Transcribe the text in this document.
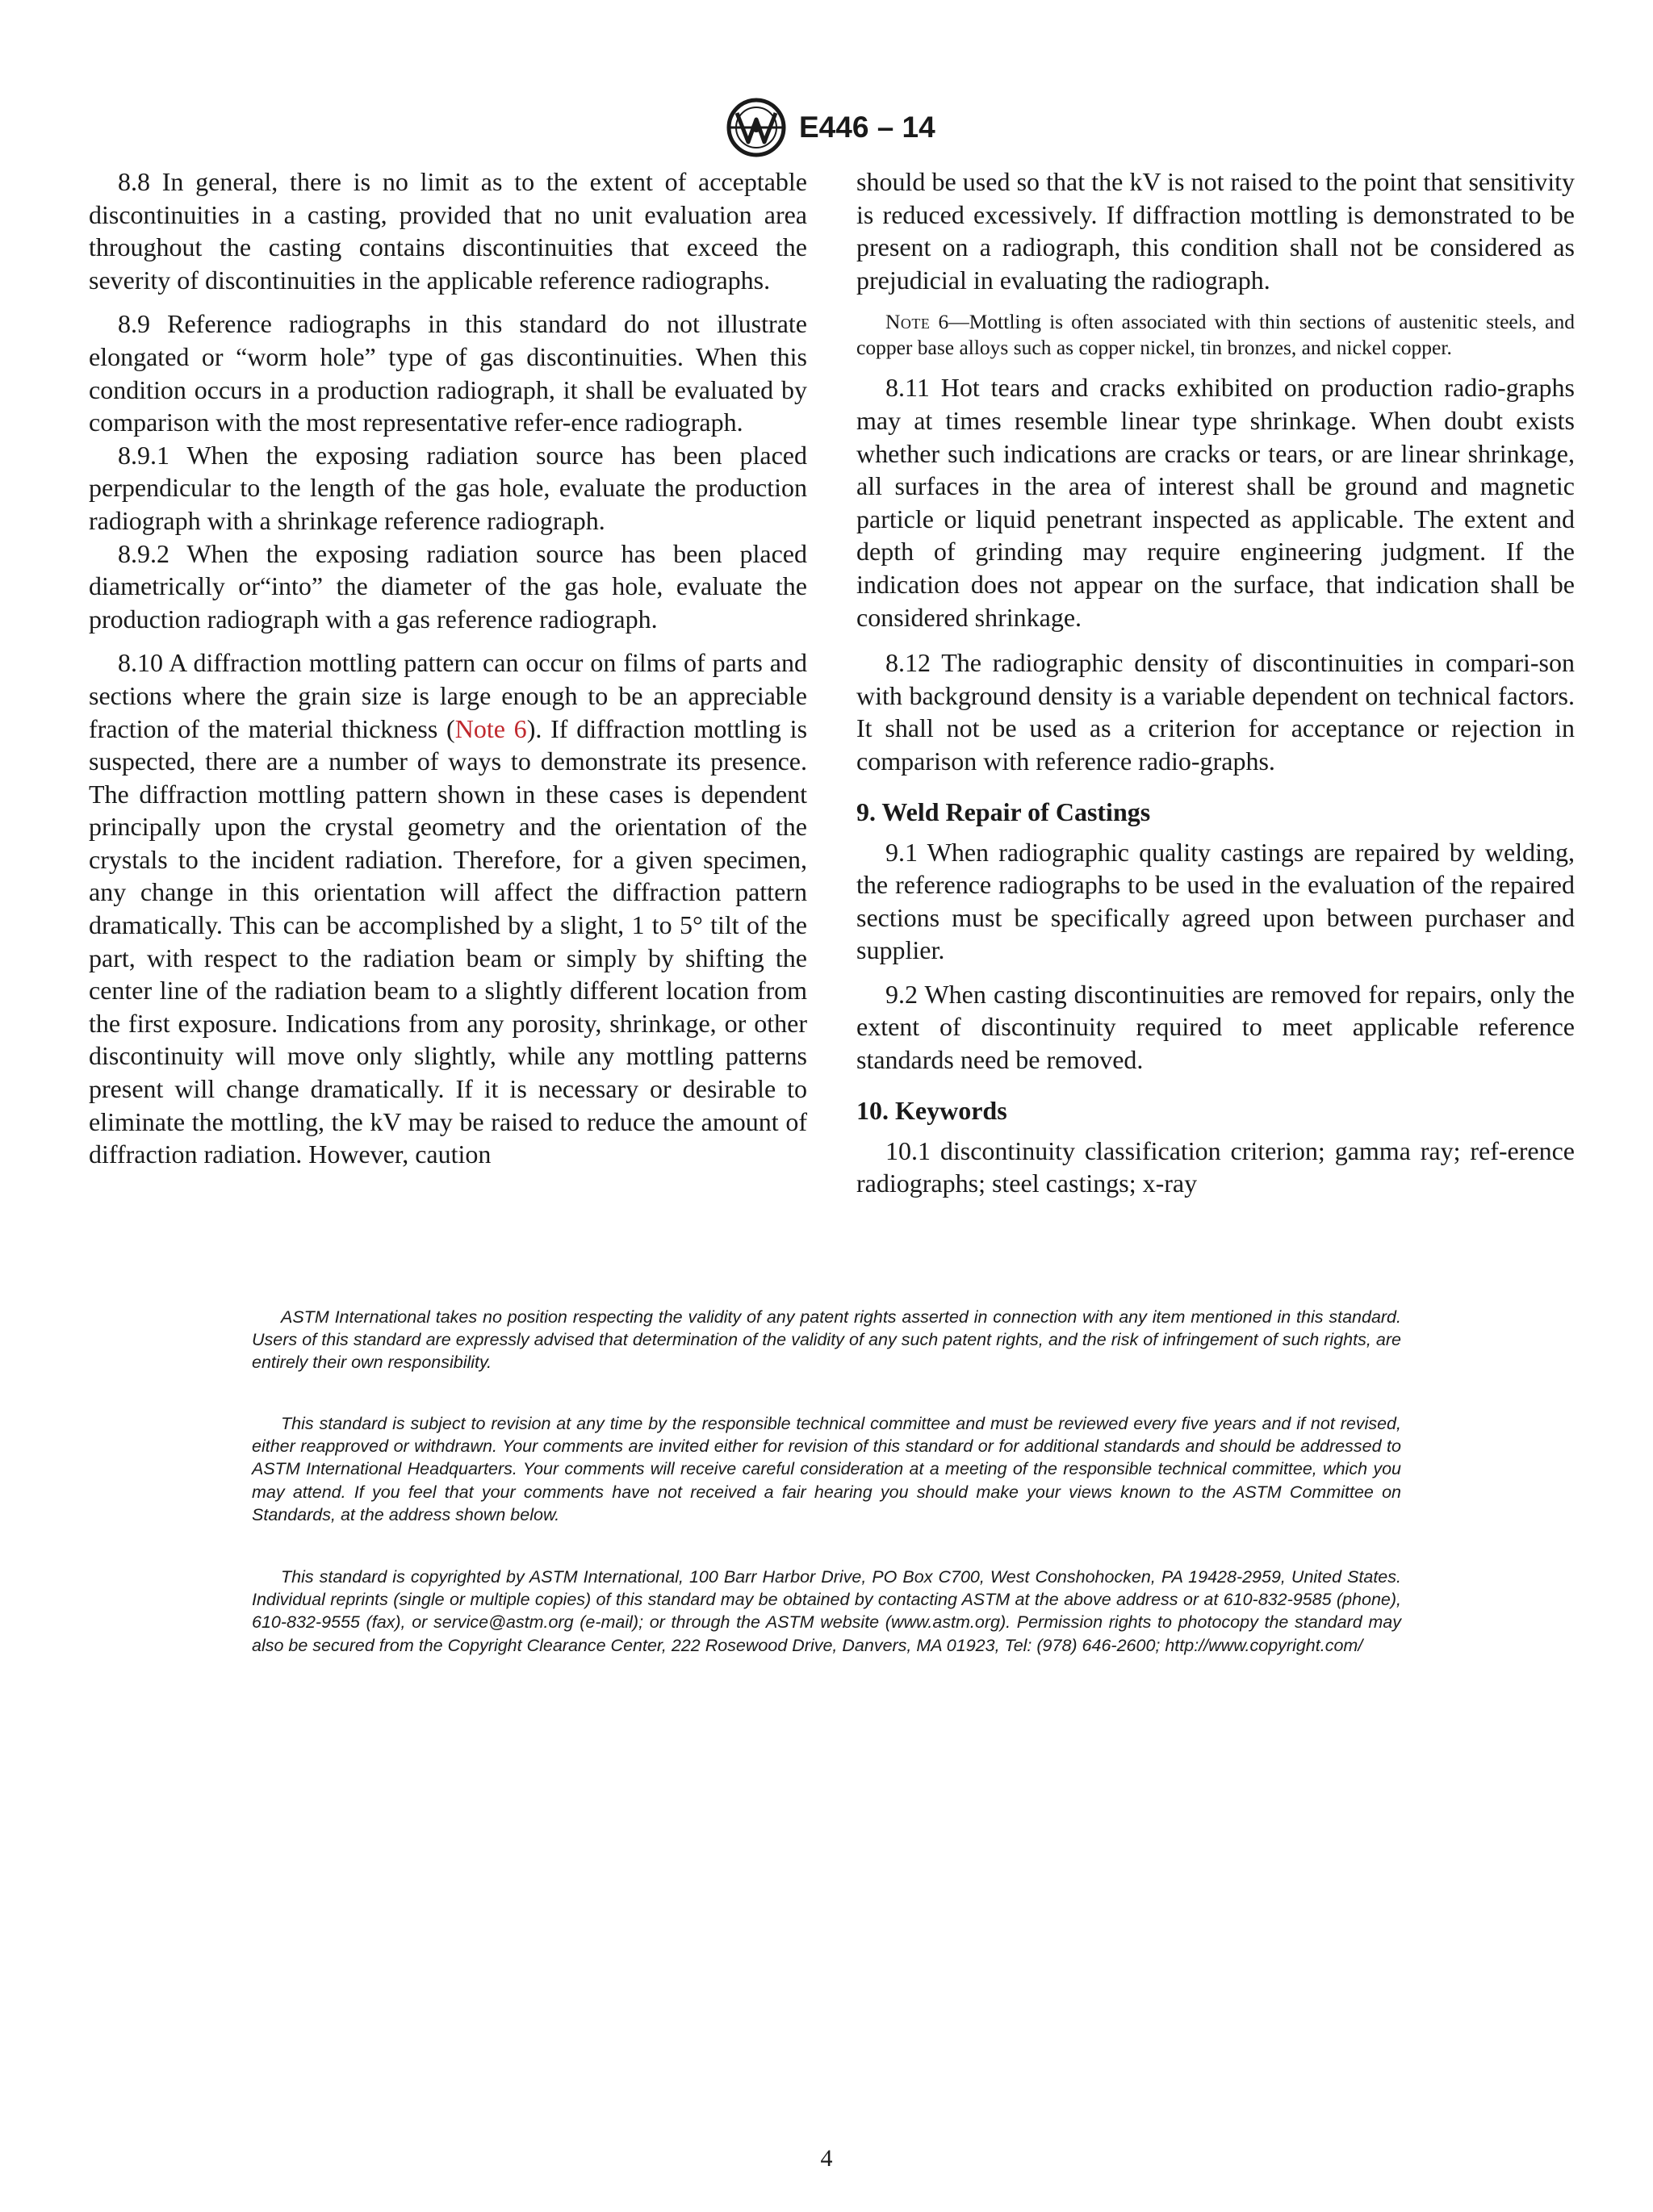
E446 – 14

8.8 In general, there is no limit as to the extent of acceptable discontinuities in a casting, provided that no unit evaluation area throughout the casting contains discontinuities that exceed the severity of discontinuities in the applicable reference radiographs.

8.9 Reference radiographs in this standard do not illustrate elongated or “worm hole” type of gas discontinuities. When this condition occurs in a production radiograph, it shall be evaluated by comparison with the most representative refer-ence radiograph.

8.9.1 When the exposing radiation source has been placed perpendicular to the length of the gas hole, evaluate the production radiograph with a shrinkage reference radiograph.

8.9.2 When the exposing radiation source has been placed diametrically or“into” the diameter of the gas hole, evaluate the production radiograph with a gas reference radiograph.

8.10 A diffraction mottling pattern can occur on films of parts and sections where the grain size is large enough to be an appreciable fraction of the material thickness (Note 6). If diffraction mottling is suspected, there are a number of ways to demonstrate its presence. The diffraction mottling pattern shown in these cases is dependent principally upon the crystal geometry and the orientation of the crystals to the incident radiation. Therefore, for a given specimen, any change in this orientation will affect the diffraction pattern dramatically. This can be accomplished by a slight, 1 to 5° tilt of the part, with respect to the radiation beam or simply by shifting the center line of the radiation beam to a slightly different location from the first exposure. Indications from any porosity, shrinkage, or other discontinuity will move only slightly, while any mottling patterns present will change dramatically. If it is necessary or desirable to eliminate the mottling, the kV may be raised to reduce the amount of diffraction radiation. However, caution

should be used so that the kV is not raised to the point that sensitivity is reduced excessively. If diffraction mottling is demonstrated to be present on a radiograph, this condition shall not be considered as prejudicial in evaluating the radiograph.

Note 6—Mottling is often associated with thin sections of austenitic steels, and copper base alloys such as copper nickel, tin bronzes, and nickel copper.

8.11 Hot tears and cracks exhibited on production radio-graphs may at times resemble linear type shrinkage. When doubt exists whether such indications are cracks or tears, or are linear shrinkage, all surfaces in the area of interest shall be ground and magnetic particle or liquid penetrant inspected as applicable. The extent and depth of grinding may require engineering judgment. If the indication does not appear on the surface, that indication shall be considered shrinkage.

8.12 The radiographic density of discontinuities in compari-son with background density is a variable dependent on technical factors. It shall not be used as a criterion for acceptance or rejection in comparison with reference radio-graphs.

9. Weld Repair of Castings

9.1 When radiographic quality castings are repaired by welding, the reference radiographs to be used in the evaluation of the repaired sections must be specifically agreed upon between purchaser and supplier.

9.2 When casting discontinuities are removed for repairs, only the extent of discontinuity required to meet applicable reference standards need be removed.

10. Keywords

10.1 discontinuity classification criterion; gamma ray; ref-erence radiographs; steel castings; x-ray

ASTM International takes no position respecting the validity of any patent rights asserted in connection with any item mentioned in this standard. Users of this standard are expressly advised that determination of the validity of any such patent rights, and the risk of infringement of such rights, are entirely their own responsibility.

This standard is subject to revision at any time by the responsible technical committee and must be reviewed every five years and if not revised, either reapproved or withdrawn. Your comments are invited either for revision of this standard or for additional standards and should be addressed to ASTM International Headquarters. Your comments will receive careful consideration at a meeting of the responsible technical committee, which you may attend. If you feel that your comments have not received a fair hearing you should make your views known to the ASTM Committee on Standards, at the address shown below.

This standard is copyrighted by ASTM International, 100 Barr Harbor Drive, PO Box C700, West Conshohocken, PA 19428-2959, United States. Individual reprints (single or multiple copies) of this standard may be obtained by contacting ASTM at the above address or at 610-832-9585 (phone), 610-832-9555 (fax), or service@astm.org (e-mail); or through the ASTM website (www.astm.org). Permission rights to photocopy the standard may also be secured from the Copyright Clearance Center, 222 Rosewood Drive, Danvers, MA 01923, Tel: (978) 646-2600; http://www.copyright.com/

4
